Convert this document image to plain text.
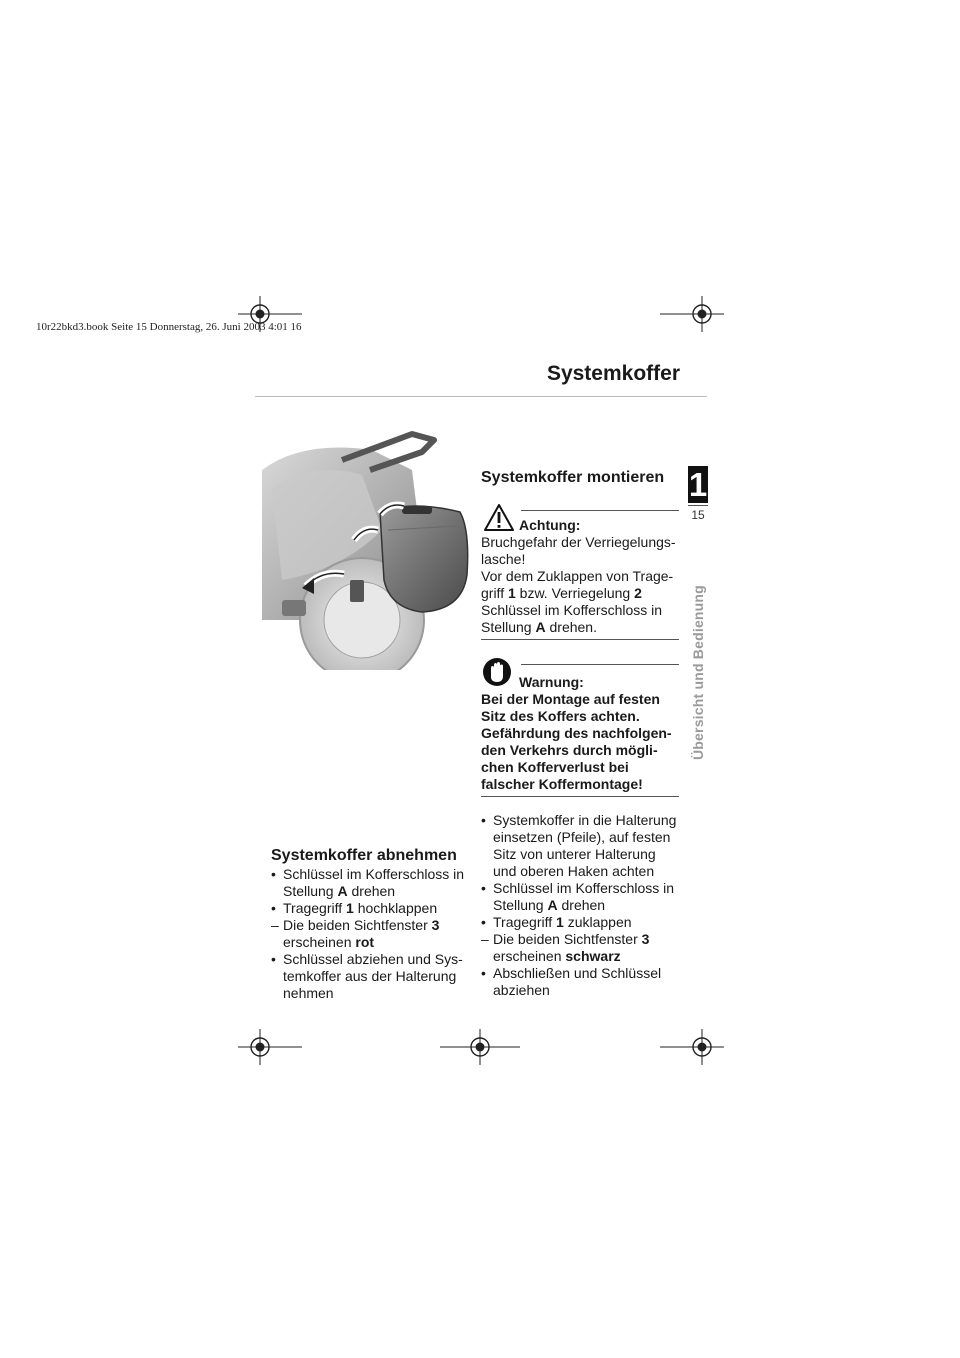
10r22bkd3.book Seite 15 Donnerstag, 26. Juni 2003 4:01 16
Systemkoffer
1
15
Übersicht und Bedienung
Systemkoffer abnehmen
• Schlüssel im Kofferschloss in Stellung A drehen
• Tragegriff 1 hochklappen
– Die beiden Sichtfenster 3 erscheinen rot
• Schlüssel abziehen und Sys-temkoffer aus der Halterung nehmen
Systemkoffer montieren
Achtung:
Bruchgefahr der Verriegelungs-lasche!
Vor dem Zuklappen von Trage-griff 1 bzw. Verriegelung 2 Schlüssel im Kofferschloss in Stellung A drehen.
Warnung:
Bei der Montage auf festen Sitz des Koffers achten. Gefährdung des nachfolgen-den Verkehrs durch mögli-chen Kofferverlust bei falscher Koffermontage!
• Systemkoffer in die Halterung einsetzen (Pfeile), auf festen Sitz von unterer Halterung und oberen Haken achten
• Schlüssel im Kofferschloss in Stellung A drehen
• Tragegriff 1 zuklappen
– Die beiden Sichtfenster 3 erscheinen schwarz
• Abschließen und Schlüssel abziehen
